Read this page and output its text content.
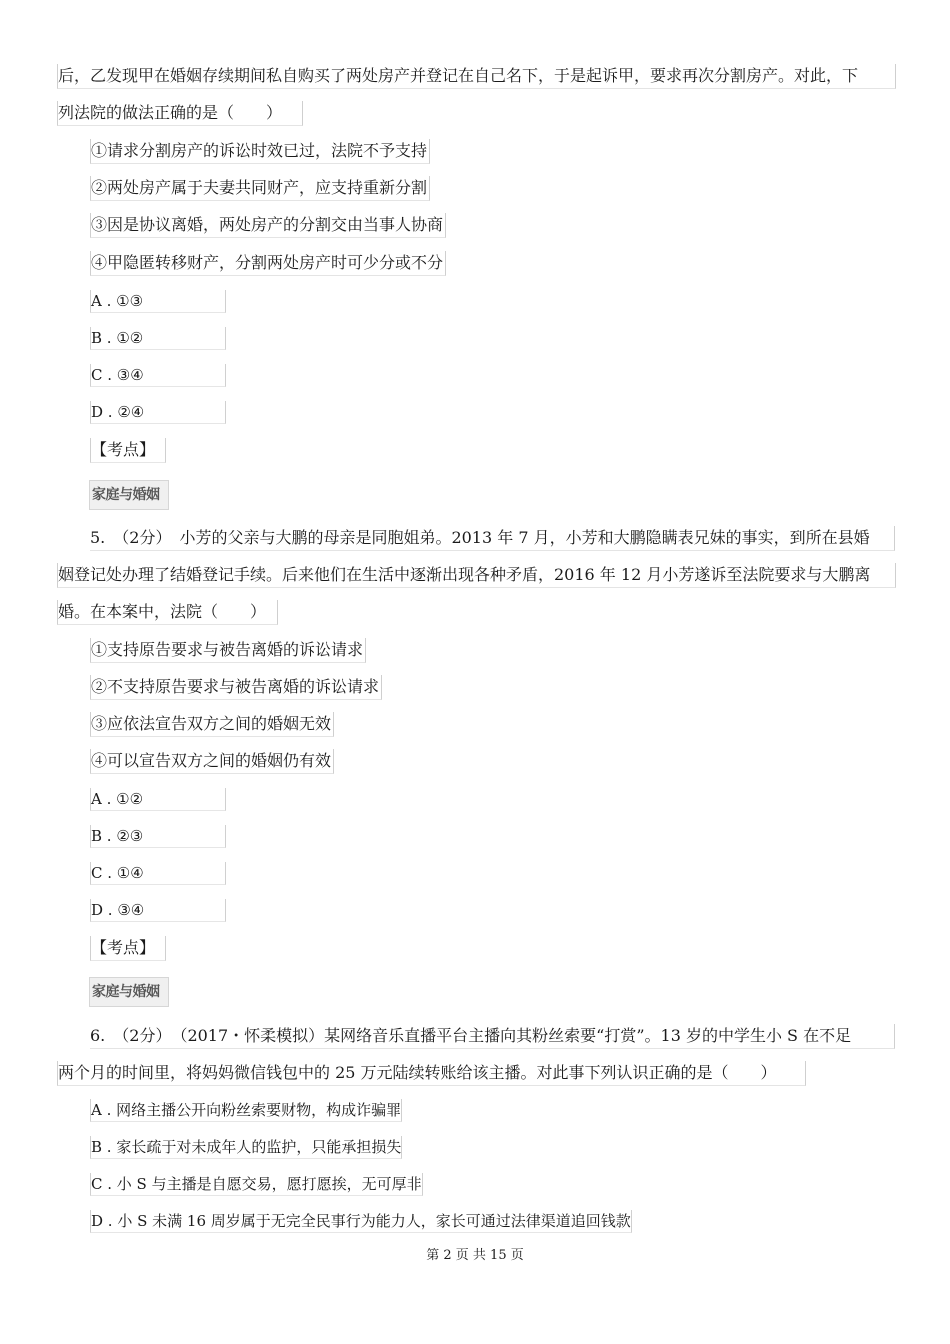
后，乙发现甲在婚姻存续期间私自购买了两处房产并登记在自己名下，于是起诉甲，要求再次分割房产。对此，下
列法院的做法正确的是（　　）
①请求分割房产的诉讼时效已过，法院不予支持
②两处房产属于夫妻共同财产，应支持重新分割
③因是协议离婚，两处房产的分割交由当事人协商
④甲隐匿转移财产，分割两处房产时可少分或不分
A . ①③
B . ①②
C . ③④
D . ②④
【考点】
家庭与婚姻
5.　（2分）　小芳的父亲与大鹏的母亲是同胞姐弟。2013 年 7 月，小芳和大鹏隐瞒表兄妹的事实，到所在县婚
姻登记处办理了结婚登记手续。后来他们在生活中逐渐出现各种矛盾，2016 年 12 月小芳遂诉至法院要求与大鹏离
婚。在本案中，法院（　　）
①支持原告要求与被告离婚的诉讼请求
②不支持原告要求与被告离婚的诉讼请求
③应依法宣告双方之间的婚姻无效
④可以宣告双方之间的婚姻仍有效
A . ①②
B . ②③
C . ①④
D . ③④
【考点】
家庭与婚姻
6.　（2分）　（2017・怀柔模拟）某网络音乐直播平台主播向其粉丝索要“打赏”。13 岁的中学生小 S 在不足
两个月的时间里，将妈妈微信钱包中的 25 万元陆续转账给该主播。对此事下列认识正确的是（　　）
A . 网络主播公开向粉丝索要财物，构成诈骗罪
B . 家长疏于对未成年人的监护，只能承担损失
C . 小 S 与主播是自愿交易，愿打愿挨，无可厚非
D . 小 S 未满 16 周岁属于无完全民事行为能力人，家长可通过法律渠道追回钱款
第 2 页 共 15 页
